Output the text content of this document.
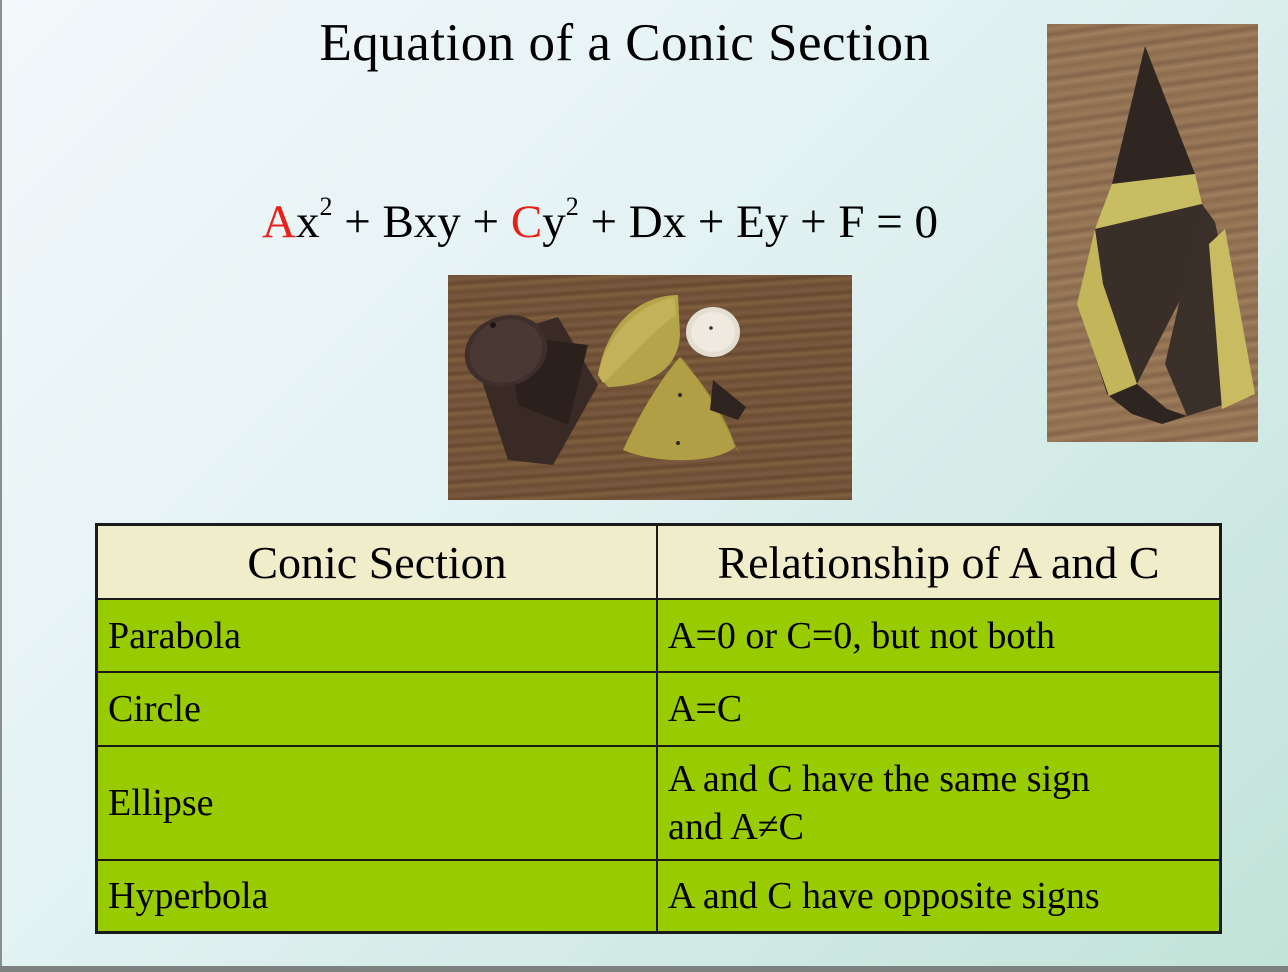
Equation of a Conic Section
$Ax^2$ + Bxy + $Cy^2 + Dx + Ey + F = 0$
Conic Section	Relationship of A and C
Parabola	A=0 or C=0, but not both
Circle	A=C
Ellipse	A and C have the same sign
and A≠C

Hyperbola	A and C have opposite signs
